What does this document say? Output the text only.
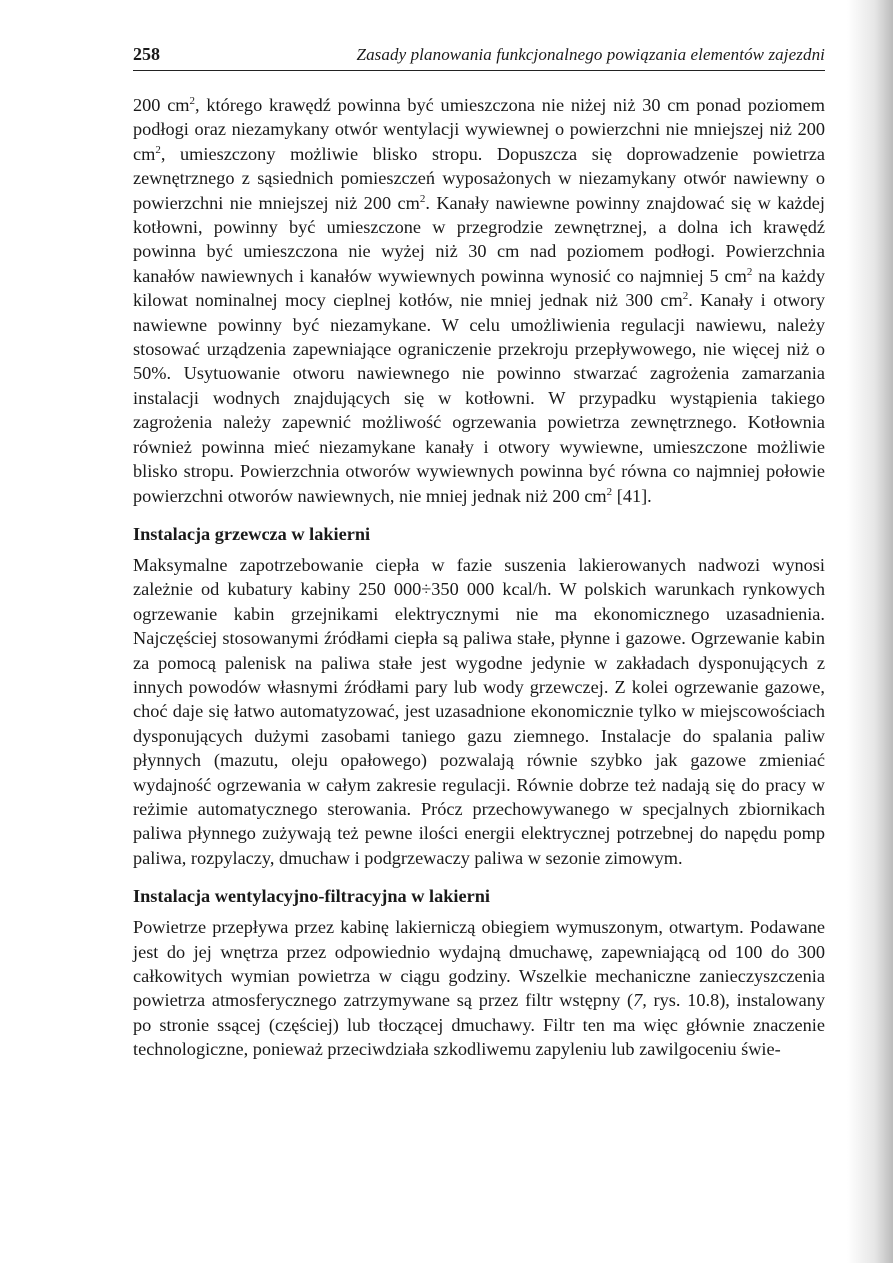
258	Zasady planowania funkcjonalnego powiązania elementów zajezdni

200 $cm^2$, którego krawędź powinna być umieszczona nie niżej niż 30 cm ponad poziomem podłogi oraz niezamykany otwór wentylacji wywiewnej o powierzchni nie mniejszej niż 200 $cm^2$, umieszczony możliwie blisko stropu. Dopuszcza się doprowadzenie powietrza zewnętrznego z sąsiednich pomieszczeń wyposażonych w niezamykany otwór nawiewny o powierzchni nie mniejszej niż 200 $cm^2$. Kanały nawiewne powinny znajdować się w każdej kotłowni, powinny być umieszczone w przegrodzie zewnętrznej, a dolna ich krawędź powinna być umieszczona nie wyżej niż 30 cm nad poziomem podłogi. Powierzchnia kanałów nawiewnych i kanałów wywiewnych powinna wynosić co najmniej 5 $cm^2$ na każdy kilowat nominalnej mocy cieplnej kotłów, nie mniej jednak niż 300 $cm^2$. Kanały i otwory nawiewne powinny być niezamykane. W celu umożliwienia regulacji nawiewu, należy stosować urządzenia zapewniające ograniczenie przekroju przepływowego, nie więcej niż o 50%. Usytuowanie otworu nawiewnego nie powinno stwarzać zagrożenia zamarzania instalacji wodnych znajdujących się w kotłowni. W przypadku wystąpienia takiego zagrożenia należy zapewnić możliwość ogrzewania powietrza zewnętrznego. Kotłownia również powinna mieć niezamykane kanały i otwory wywiewne, umieszczone możliwie blisko stropu. Powierzchnia otworów wywiewnych powinna być równa co najmniej połowie powierzchni otworów nawiewnych, nie mniej jednak niż 200 $cm^2$ [41].

Instalacja grzewcza w lakierni

Maksymalne zapotrzebowanie ciepła w fazie suszenia lakierowanych nadwozi wynosi zależnie od kubatury kabiny 250 000÷350 000 kcal/h. W polskich warunkach rynkowych ogrzewanie kabin grzejnikami elektrycznymi nie ma ekonomicznego uzasadnienia. Najczęściej stosowanymi źródłami ciepła są paliwa stałe, płynne i gazowe. Ogrzewanie kabin za pomocą palenisk na paliwa stałe jest wygodne jedynie w zakładach dysponujących z innych powodów własnymi źródłami pary lub wody grzewczej. Z kolei ogrzewanie gazowe, choć daje się łatwo automatyzować, jest uzasadnione ekonomicznie tylko w miejscowościach dysponujących dużymi zasobami taniego gazu ziemnego. Instalacje do spalania paliw płynnych (mazutu, oleju opałowego) pozwalają równie szybko jak gazowe zmieniać wydajność ogrzewania w całym zakresie regulacji. Równie dobrze też nadają się do pracy w reżimie automatycznego sterowania. Prócz przechowywanego w specjalnych zbiornikach paliwa płynnego zużywają też pewne ilości energii elektrycznej potrzebnej do napędu pomp paliwa, rozpylaczy, dmuchaw i podgrzewaczy paliwa w sezonie zimowym.

Instalacja wentylacyjno-filtracyjna w lakierni

Powietrze przepływa przez kabinę lakierniczą obiegiem wymuszonym, otwartym. Podawane jest do jej wnętrza przez odpowiednio wydajną dmuchawę, zapewniającą od 100 do 300 całkowitych wymian powietrza w ciągu godziny. Wszelkie mechaniczne zanieczyszczenia powietrza atmosferycznego zatrzymywane są przez filtr wstępny (7, rys. 10.8), instalowany po stronie ssącej (częściej) lub tłoczącej dmuchawy. Filtr ten ma więc głównie znaczenie technologiczne, ponieważ przeciwdziała szkodliwemu zapyleniu lub zawilgoceniu świe-
